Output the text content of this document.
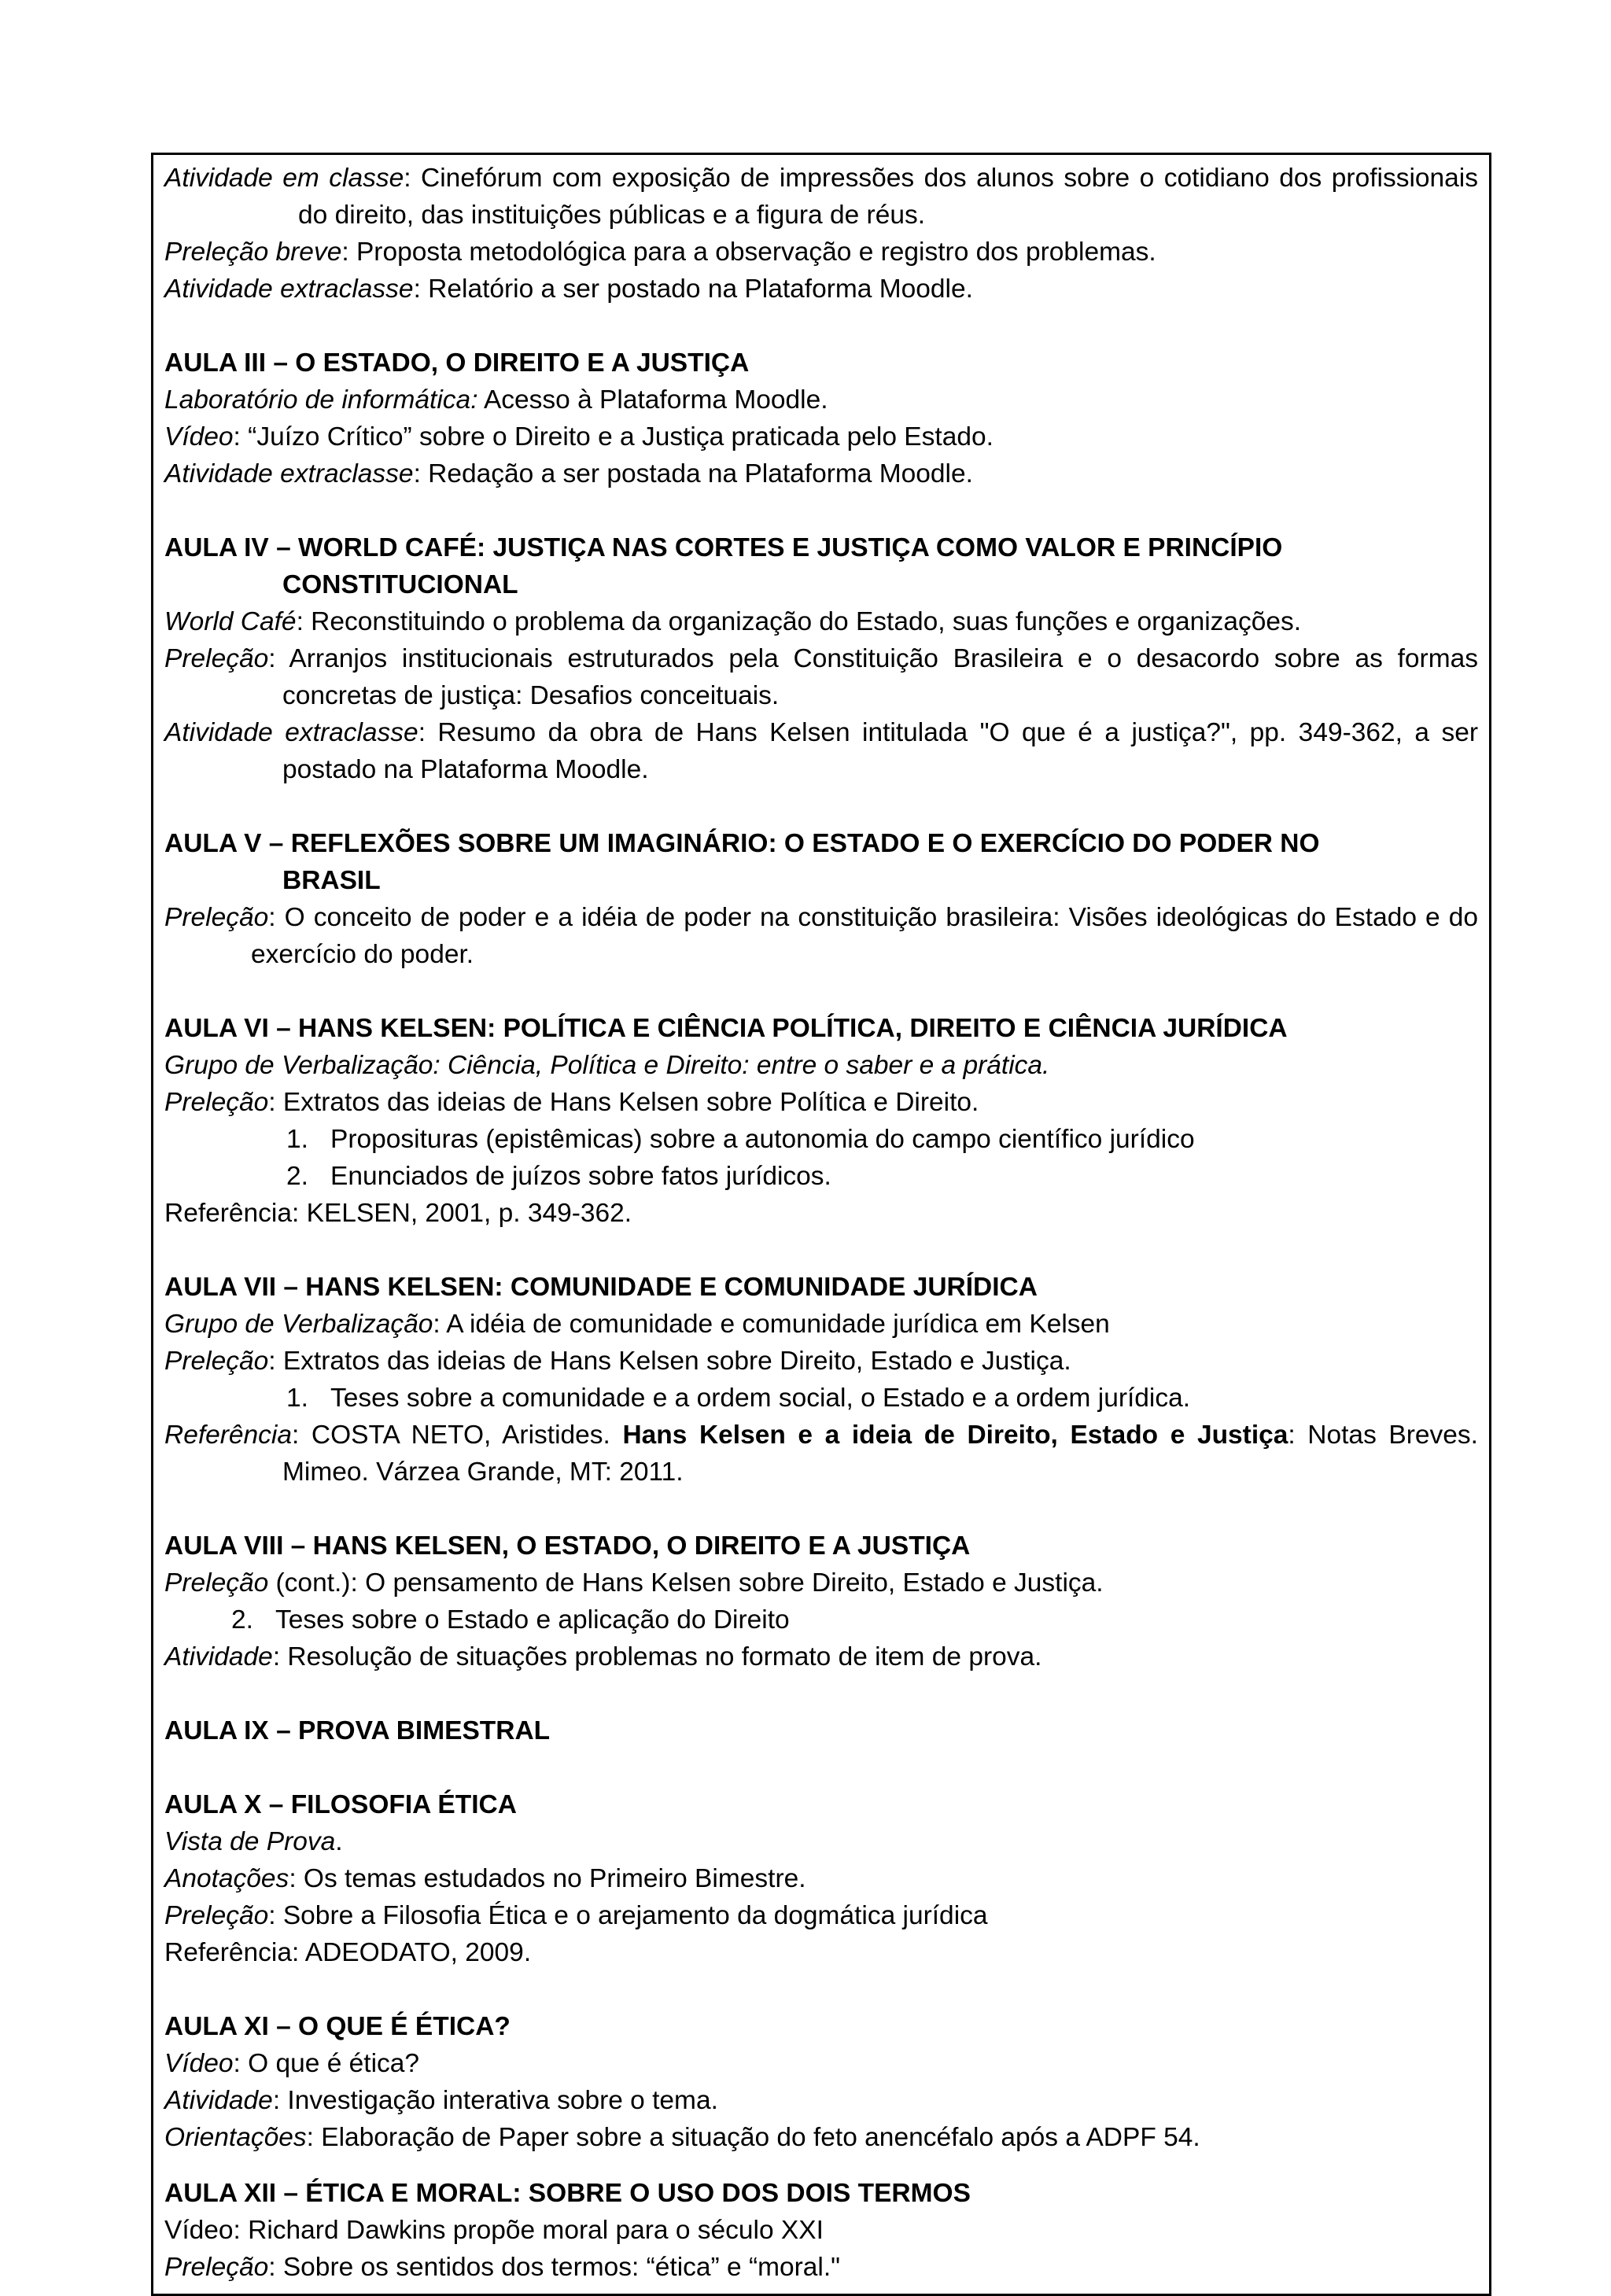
Atividade em classe: Cinefórum com exposição de impressões dos alunos sobre o cotidiano dos profissionais do direito, das instituições públicas e a figura de réus.

Preleção breve: Proposta metodológica para a observação e registro dos problemas.

Atividade extraclasse: Relatório a ser postado na Plataforma Moodle.

AULA III – O ESTADO, O DIREITO E A JUSTIÇA

Laboratório de informática: Acesso à Plataforma Moodle.

Vídeo: “Juízo Crítico” sobre o Direito e a Justiça praticada pelo Estado.

Atividade extraclasse: Redação a ser postada na Plataforma Moodle.

AULA IV – WORLD CAFÉ: JUSTIÇA NAS CORTES E JUSTIÇA COMO VALOR E PRINCÍPIO

CONSTITUCIONAL

World Café: Reconstituindo o problema da organização do Estado, suas funções e organizações.

Preleção: Arranjos institucionais estruturados pela Constituição Brasileira e o desacordo sobre as formas concretas de justiça: Desafios conceituais.

Atividade extraclasse: Resumo da obra de Hans Kelsen intitulada "O que é a justiça?", pp. 349-362, a ser postado na Plataforma Moodle.

AULA V – REFLEXÕES SOBRE UM IMAGINÁRIO: O ESTADO E O EXERCÍCIO DO PODER NO

BRASIL

Preleção: O conceito de poder e a idéia de poder na constituição brasileira: Visões ideológicas do Estado e do exercício do poder.

AULA VI – HANS KELSEN: POLÍTICA E CIÊNCIA POLÍTICA, DIREITO E CIÊNCIA JURÍDICA

Grupo de Verbalização: Ciência, Política e Direito: entre o saber e a prática.

Preleção: Extratos das ideias de Hans Kelsen sobre Política e Direito.

1. Proposituras (epistêmicas) sobre a autonomia do campo científico jurídico

2. Enunciados de juízos sobre fatos jurídicos.

Referência: KELSEN, 2001, p. 349-362.

AULA VII – HANS KELSEN: COMUNIDADE E COMUNIDADE JURÍDICA

Grupo de Verbalização: A idéia de comunidade e comunidade jurídica em Kelsen

Preleção: Extratos das ideias de Hans Kelsen sobre Direito, Estado e Justiça.

1. Teses sobre a comunidade e a ordem social, o Estado e a ordem jurídica.

Referência: COSTA NETO, Aristides. Hans Kelsen e a ideia de Direito, Estado e Justiça: Notas Breves. Mimeo. Várzea Grande, MT: 2011.

AULA VIII – HANS KELSEN, O ESTADO, O DIREITO E A JUSTIÇA

Preleção (cont.): O pensamento de Hans Kelsen sobre Direito, Estado e Justiça.

2. Teses sobre o Estado e aplicação do Direito

Atividade: Resolução de situações problemas no formato de item de prova.

AULA IX – PROVA BIMESTRAL

AULA X – FILOSOFIA ÉTICA

Vista de Prova.

Anotações: Os temas estudados no Primeiro Bimestre.

Preleção: Sobre a Filosofia Ética e o arejamento da dogmática jurídica

Referência: ADEODATO, 2009.

AULA XI – O QUE É ÉTICA?

Vídeo: O que é ética?

Atividade: Investigação interativa sobre o tema.

Orientações: Elaboração de Paper sobre a situação do feto anencéfalo após a ADPF 54.

AULA XII – ÉTICA E MORAL: SOBRE O USO DOS DOIS TERMOS

Vídeo: Richard Dawkins propõe moral para o século XXI

Preleção: Sobre os sentidos dos termos: “ética” e “moral."
